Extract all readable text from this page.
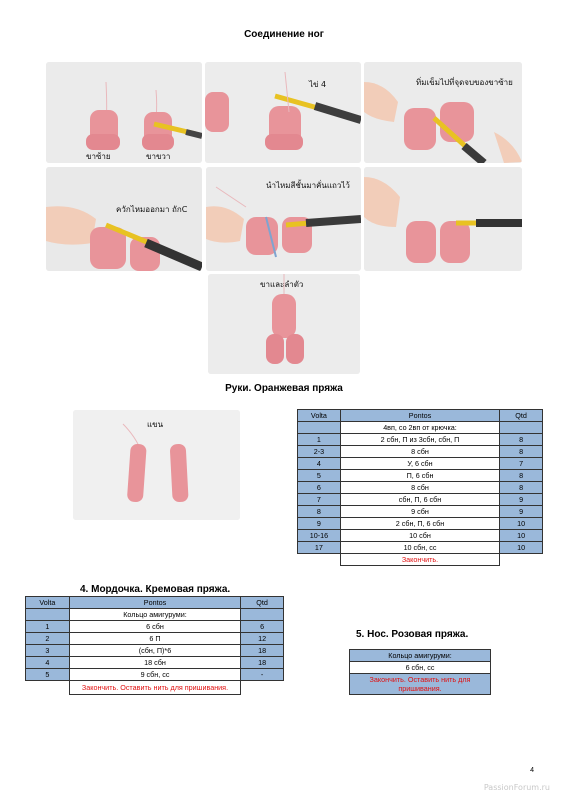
Соединение ног
ขาซ้าย	ขาขวา
ไข่ 4	ทิ่มเข็มไปที่จุดจบของขาซ้าย
ควักไหมออกมา ถักC
นำไหมสีชั้นมาคั่นแถวไว้
ขาและลำตัว
Руки. Оранжевая пряжа
แขน
Volta	Pontos	Qtd
	4вп, со 2вп от крючка:	
1	2 сбн, П из 3сбн, сбн, П	8
2-3	8 сбн	8
4	У, 6 сбн	7
5	П, 6 сбн	8
6	8 сбн	8
7	сбн, П, 6 сбн	9
8	9 сбн	9
9	2 сбн, П, 6 сбн	10
10-16	10 сбн	10
17	10 сбн, сс	10
	Закончить.	
4. Мордочка. Кремовая пряжа.
Volta	Pontos	Qtd
	Кольцо амигуруми:	
1	6 сбн	6
2	6 П	12
3	(сбн, П)*6	18
4	18 сбн	18
5	9 сбн, сс	-
	Закончить. Оставить нить для пришивания.	
5. Нос. Розовая пряжа.
Кольцо амигуруми:
6 сбн, сс
Закончить. Оставить нить для пришивания.
4
PassionForum.ru
